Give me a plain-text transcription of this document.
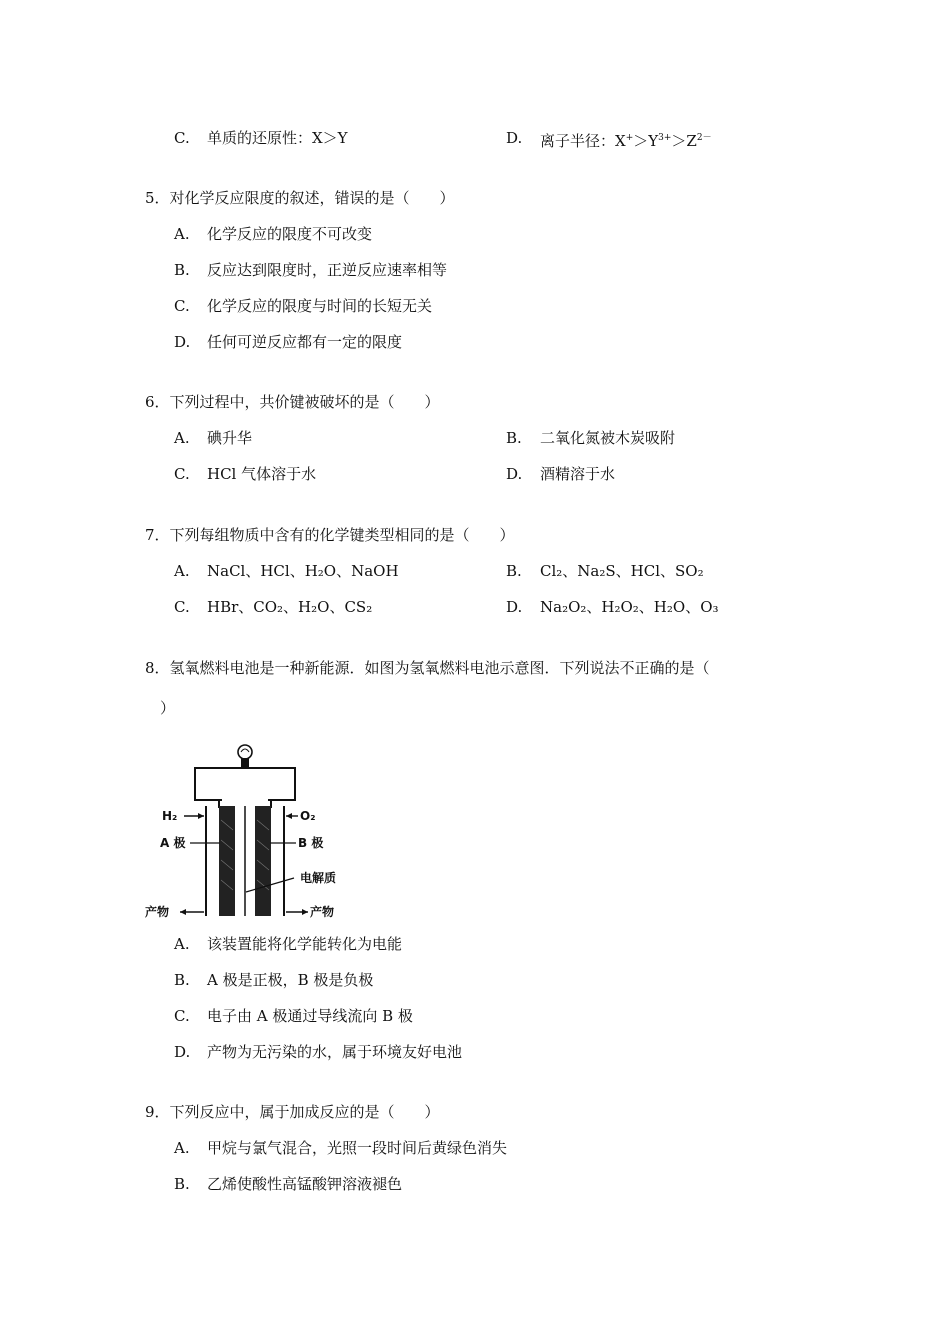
C. 单质的还原性：X＞Y	D. 离子半径：$X^+>Y^{3+}>Z^{2-}$
5．对化学反应限度的叙述，错误的是（　　）
A. 化学反应的限度不可改变
B. 反应达到限度时，正逆反应速率相等
C. 化学反应的限度与时间的长短无关
D. 任何可逆反应都有一定的限度
6．下列过程中，共价键被破坏的是（　　）
A. 碘升华	B. 二氧化氮被木炭吸附
C. HCl 气体溶于水	D. 酒精溶于水
7．下列每组物质中含有的化学键类型相同的是（　　）
A. NaCl、HCl、H₂O、NaOH	B. Cl₂、Na₂S、HCl、SO₂
C. HBr、CO₂、H₂O、CS₂	D. Na₂O₂、H₂O₂、H₂O、O₃
8．氢氧燃料电池是一种新能源．如图为氢氧燃料电池示意图．下列说法不正确的是（
）
H₂	O₂
A 极	B 极
电解质
产物	产物
A. 该装置能将化学能转化为电能
B. A 极是正极，B 极是负极
C. 电子由 A 极通过导线流向 B 极
D. 产物为无污染的水，属于环境友好电池
9．下列反应中，属于加成反应的是（　　）
A. 甲烷与氯气混合，光照一段时间后黄绿色消失
B. 乙烯使酸性高锰酸钾溶液褪色
